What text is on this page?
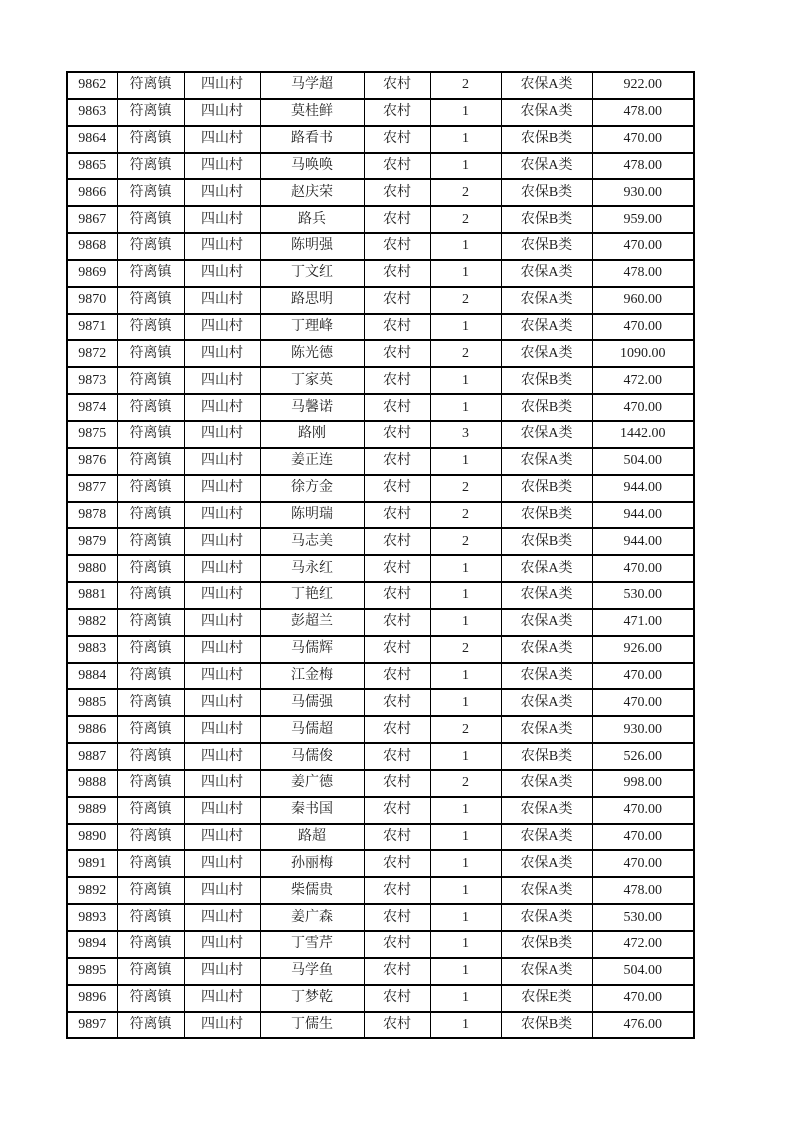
9862	符离镇	四山村	马学超	农村	2	农保A类	922.00
9863	符离镇	四山村	莫桂鲜	农村	1	农保A类	478.00
9864	符离镇	四山村	路看书	农村	1	农保B类	470.00
9865	符离镇	四山村	马唤唤	农村	1	农保A类	478.00
9866	符离镇	四山村	赵庆荣	农村	2	农保B类	930.00
9867	符离镇	四山村	路兵	农村	2	农保B类	959.00
9868	符离镇	四山村	陈明强	农村	1	农保B类	470.00
9869	符离镇	四山村	丁文红	农村	1	农保A类	478.00
9870	符离镇	四山村	路思明	农村	2	农保A类	960.00
9871	符离镇	四山村	丁理峰	农村	1	农保A类	470.00
9872	符离镇	四山村	陈光德	农村	2	农保A类	1090.00
9873	符离镇	四山村	丁家英	农村	1	农保B类	472.00
9874	符离镇	四山村	马馨诺	农村	1	农保B类	470.00
9875	符离镇	四山村	路刚	农村	3	农保A类	1442.00
9876	符离镇	四山村	姜正连	农村	1	农保A类	504.00
9877	符离镇	四山村	徐方金	农村	2	农保B类	944.00
9878	符离镇	四山村	陈明瑞	农村	2	农保B类	944.00
9879	符离镇	四山村	马志美	农村	2	农保B类	944.00
9880	符离镇	四山村	马永红	农村	1	农保A类	470.00
9881	符离镇	四山村	丁艳红	农村	1	农保A类	530.00
9882	符离镇	四山村	彭超兰	农村	1	农保A类	471.00
9883	符离镇	四山村	马儒辉	农村	2	农保A类	926.00
9884	符离镇	四山村	江金梅	农村	1	农保A类	470.00
9885	符离镇	四山村	马儒强	农村	1	农保A类	470.00
9886	符离镇	四山村	马儒超	农村	2	农保A类	930.00
9887	符离镇	四山村	马儒俊	农村	1	农保B类	526.00
9888	符离镇	四山村	姜广德	农村	2	农保A类	998.00
9889	符离镇	四山村	秦书国	农村	1	农保A类	470.00
9890	符离镇	四山村	路超	农村	1	农保A类	470.00
9891	符离镇	四山村	孙丽梅	农村	1	农保A类	470.00
9892	符离镇	四山村	柴儒贵	农村	1	农保A类	478.00
9893	符离镇	四山村	姜广森	农村	1	农保A类	530.00
9894	符离镇	四山村	丁雪芹	农村	1	农保B类	472.00
9895	符离镇	四山村	马学鱼	农村	1	农保A类	504.00
9896	符离镇	四山村	丁梦乾	农村	1	农保E类	470.00
9897	符离镇	四山村	丁儒生	农村	1	农保B类	476.00
